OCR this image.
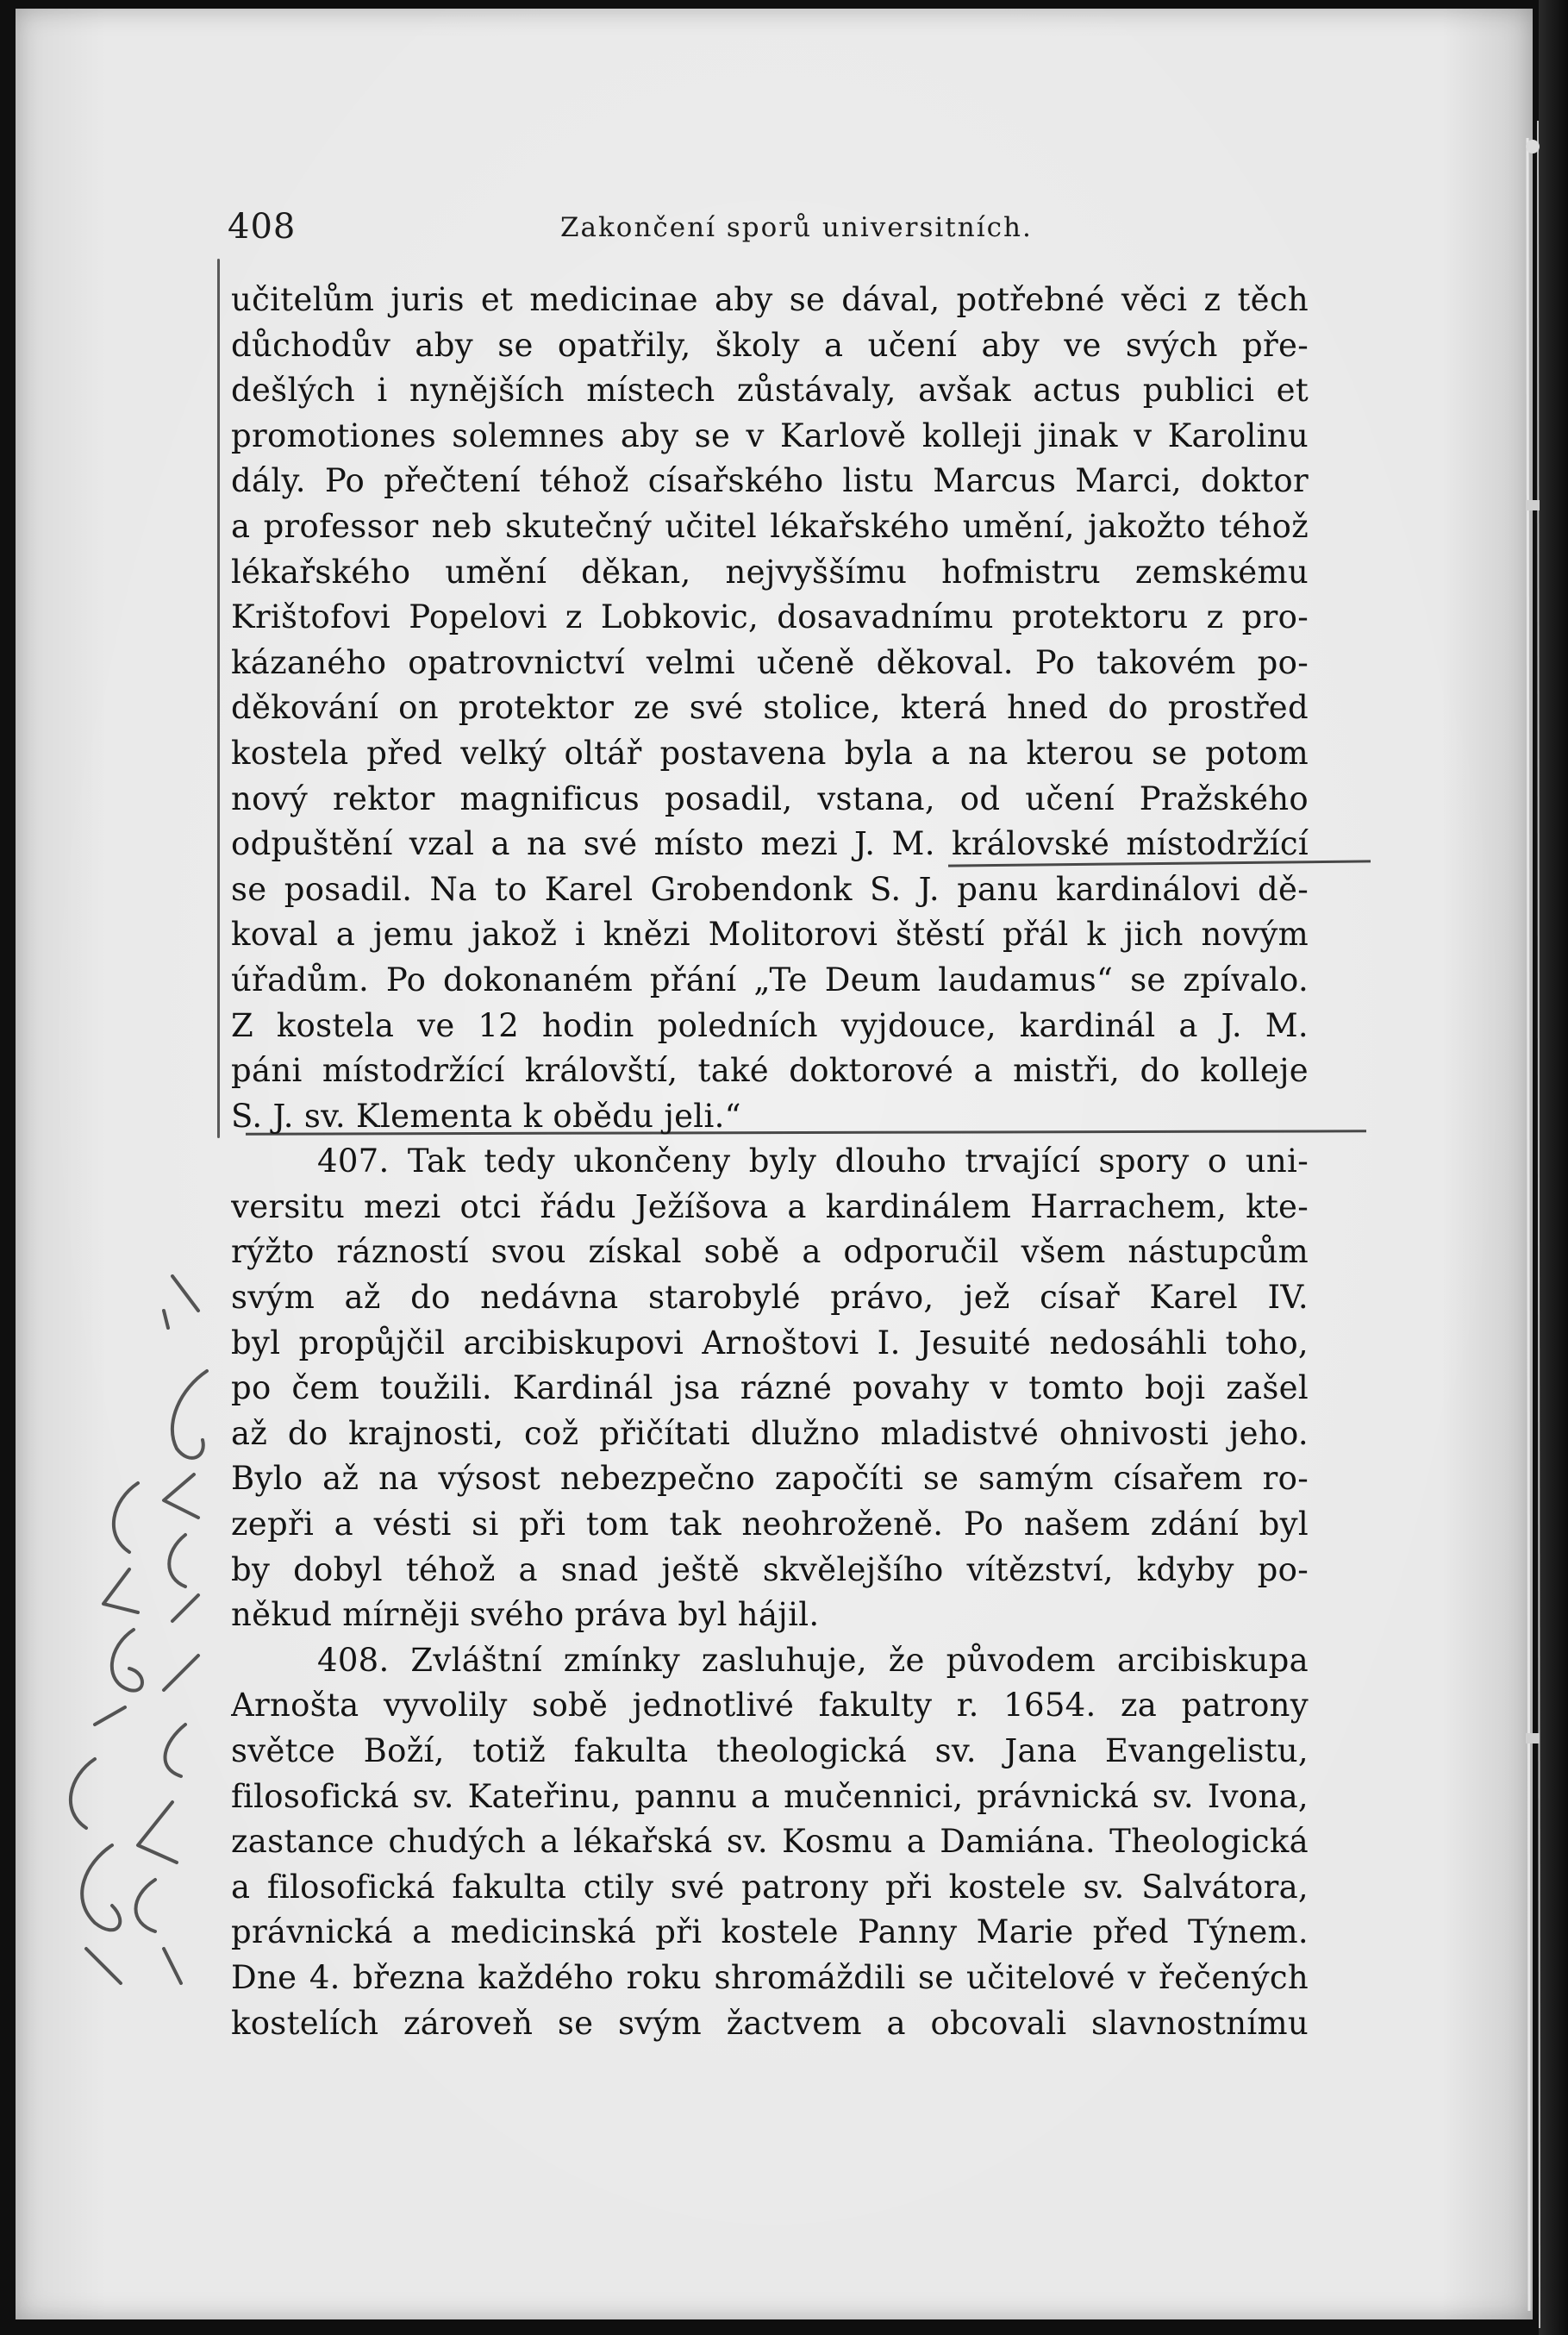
408	Zakončení sporů universitních.
učitelům juris et medicinae aby se dával, potřebné věci z těch
důchodův aby se opatřily, školy a učení aby ve svých pře-
dešlých i nynějších místech zůstávaly, avšak actus publici et
promotiones solemnes aby se v Karlově kolleji jinak v Karolinu
dály. Po přečtení téhož císařského listu Marcus Marci, doktor
a professor neb skutečný učitel lékařského umění, jakožto téhož
lékařského umění děkan, nejvyššímu hofmistru zemskému
Krištofovi Popelovi z Lobkovic, dosavadnímu protektoru z pro-
kázaného opatrovnictví velmi učeně děkoval. Po takovém po-
děkování on protektor ze své stolice, která hned do prostřed
kostela před velký oltář postavena byla a na kterou se potom
nový rektor magnificus posadil, vstana, od učení Pražského
odpuštění vzal a na své místo mezi J. M. královské místodržící
se posadil. Na to Karel Grobendonk S. J. panu kardinálovi dě-
koval a jemu jakož i knězi Molitorovi štěstí přál k jich novým
úřadům. Po dokonaném přání „Te Deum laudamus“ se zpívalo.
Z kostela ve 12 hodin poledních vyjdouce, kardinál a J. M.
páni místodržící královští, také doktorové a mistři, do kolleje
S. J. sv. Klementa k obědu jeli.“
407. Tak tedy ukončeny byly dlouho trvající spory o uni-
versitu mezi otci řádu Ježíšova a kardinálem Harrachem, kte-
rýžto rázností svou získal sobě a odporučil všem nástupcům
svým až do nedávna starobylé právo, jež císař Karel IV.
byl propůjčil arcibiskupovi Arnoštovi I. Jesuité nedosáhli toho,
po čem toužili. Kardinál jsa rázné povahy v tomto boji zašel
až do krajnosti, což přičítati dlužno mladistvé ohnivosti jeho.
Bylo až na výsost nebezpečno započíti se samým císařem ro-
zepři a vésti si při tom tak neohroženě. Po našem zdání byl
by dobyl téhož a snad ještě skvělejšího vítězství, kdyby po-
někud mírněji svého práva byl hájil.
408. Zvláštní zmínky zasluhuje, že původem arcibiskupa
Arnošta vyvolily sobě jednotlivé fakulty r. 1654. za patrony
světce Boží, totiž fakulta theologická sv. Jana Evangelistu,
filosofická sv. Kateřinu, pannu a mučennici, právnická sv. Ivona,
zastance chudých a lékařská sv. Kosmu a Damiána. Theologická
a filosofická fakulta ctily své patrony při kostele sv. Salvátora,
právnická a medicinská při kostele Panny Marie před Týnem.
Dne 4. března každého roku shromáždili se učitelové v řečených
kostelích zároveň se svým žactvem a obcovali slavnostnímu
